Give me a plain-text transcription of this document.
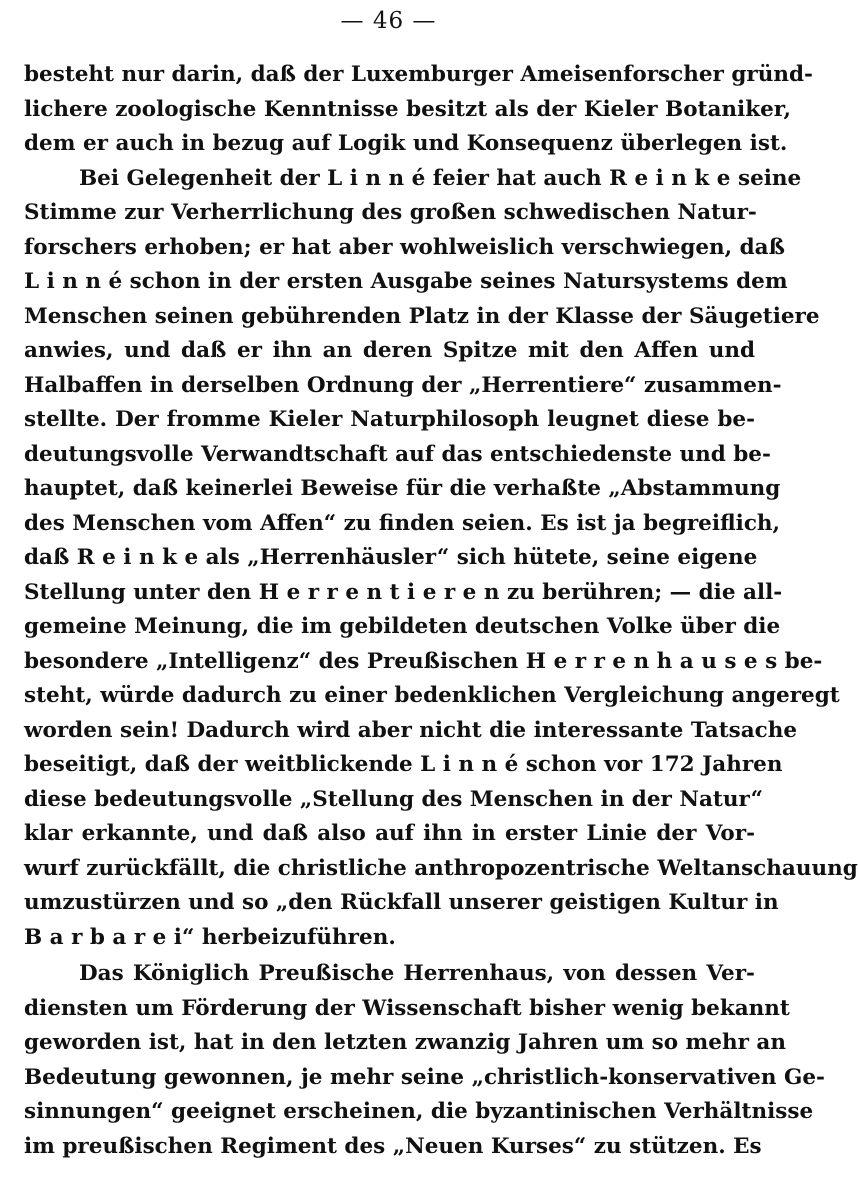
— 46 —
besteht nur darin, daß der Luxemburger Ameisenforscher gründ-
lichere zoologische Kenntnisse besitzt als der Kieler Botaniker,
dem er auch in bezug auf Logik und Konsequenz überlegen ist.
Bei Gelegenheit der L i n n é feier hat auch R e i n k e seine
Stimme zur Verherrlichung des großen schwedischen Natur-
forschers erhoben; er hat aber wohlweislich verschwiegen, daß
L i n n é schon in der ersten Ausgabe seines Natursystems dem
Menschen seinen gebührenden Platz in der Klasse der Säugetiere
anwies, und daß er ihn an deren Spitze mit den Affen und
Halbaffen in derselben Ordnung der „Herrentiere“ zusammen-
stellte. Der fromme Kieler Naturphilosoph leugnet diese be-
deutungsvolle Verwandtschaft auf das entschiedenste und be-
hauptet, daß keinerlei Beweise für die verhaßte „Abstammung
des Menschen vom Affen“ zu finden seien. Es ist ja begreiflich,
daß R e i n k e als „Herrenhäusler“ sich hütete, seine eigene
Stellung unter den H e r r e n t i e r e n zu berühren; — die all-
gemeine Meinung, die im gebildeten deutschen Volke über die
besondere „Intelligenz“ des Preußischen H e r r e n h a u s e s be-
steht, würde dadurch zu einer bedenklichen Vergleichung angeregt
worden sein! Dadurch wird aber nicht die interessante Tatsache
beseitigt, daß der weitblickende L i n n é schon vor 172 Jahren
diese bedeutungsvolle „Stellung des Menschen in der Natur“
klar erkannte, und daß also auf ihn in erster Linie der Vor-
wurf zurückfällt, die christliche anthropozentrische Weltanschauung
umzustürzen und so „den Rückfall unserer geistigen Kultur in
B a r b a r e i“ herbeizuführen.
Das Königlich Preußische Herrenhaus, von dessen Ver-
diensten um Förderung der Wissenschaft bisher wenig bekannt
geworden ist, hat in den letzten zwanzig Jahren um so mehr an
Bedeutung gewonnen, je mehr seine „christlich-konservativen Ge-
sinnungen“ geeignet erscheinen, die byzantinischen Verhältnisse
im preußischen Regiment des „Neuen Kurses“ zu stützen. Es
